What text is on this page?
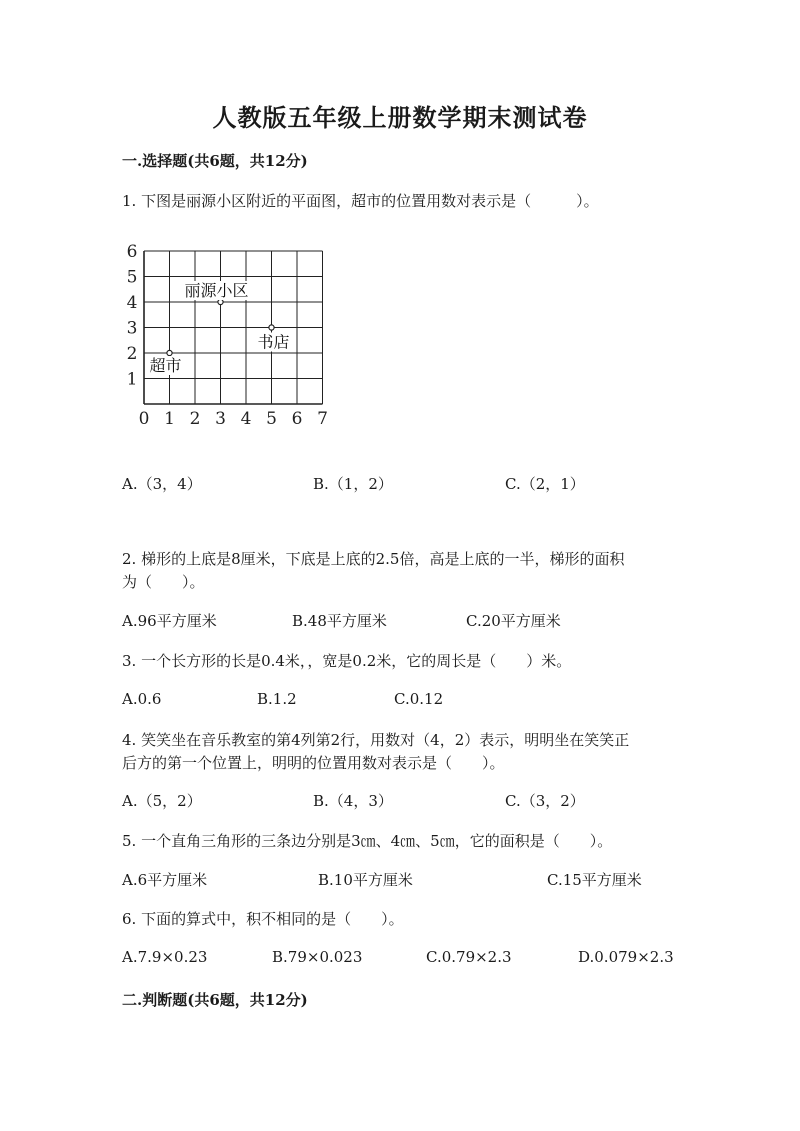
人教版五年级上册数学期末测试卷
一.选择题(共6题，共12分)
1. 下图是丽源小区附近的平面图，超市的位置用数对表示是（　　　）。
0 1 2 3 4 5 6 7
1
2
3
4
5
6
丽源小区
书店
超市
A.（3，4）	B.（1，2）	C.（2，1）
2. 梯形的上底是8厘米，下底是上底的2.5倍，高是上底的一半，梯形的面积
为（　　）。
A.96平方厘米	B.48平方厘米	C.20平方厘米
3. 一个长方形的长是0.4米，，宽是0.2米，它的周长是（　　）米。
A.0.6	B.1.2	C.0.12
4. 笑笑坐在音乐教室的第4列第2行，用数对（4，2）表示，明明坐在笑笑正
后方的第一个位置上，明明的位置用数对表示是（　　）。
A.（5，2）	B.（4，3）	C.（3，2）
5. 一个直角三角形的三条边分别是3㎝、4㎝、5㎝，它的面积是（　　）。
A.6平方厘米	B.10平方厘米	C.15平方厘米
6. 下面的算式中，积不相同的是（　　）。
A.7.9×0.23	B.79×0.023	C.0.79×2.3	D.0.079×2.3
二.判断题(共6题，共12分)
